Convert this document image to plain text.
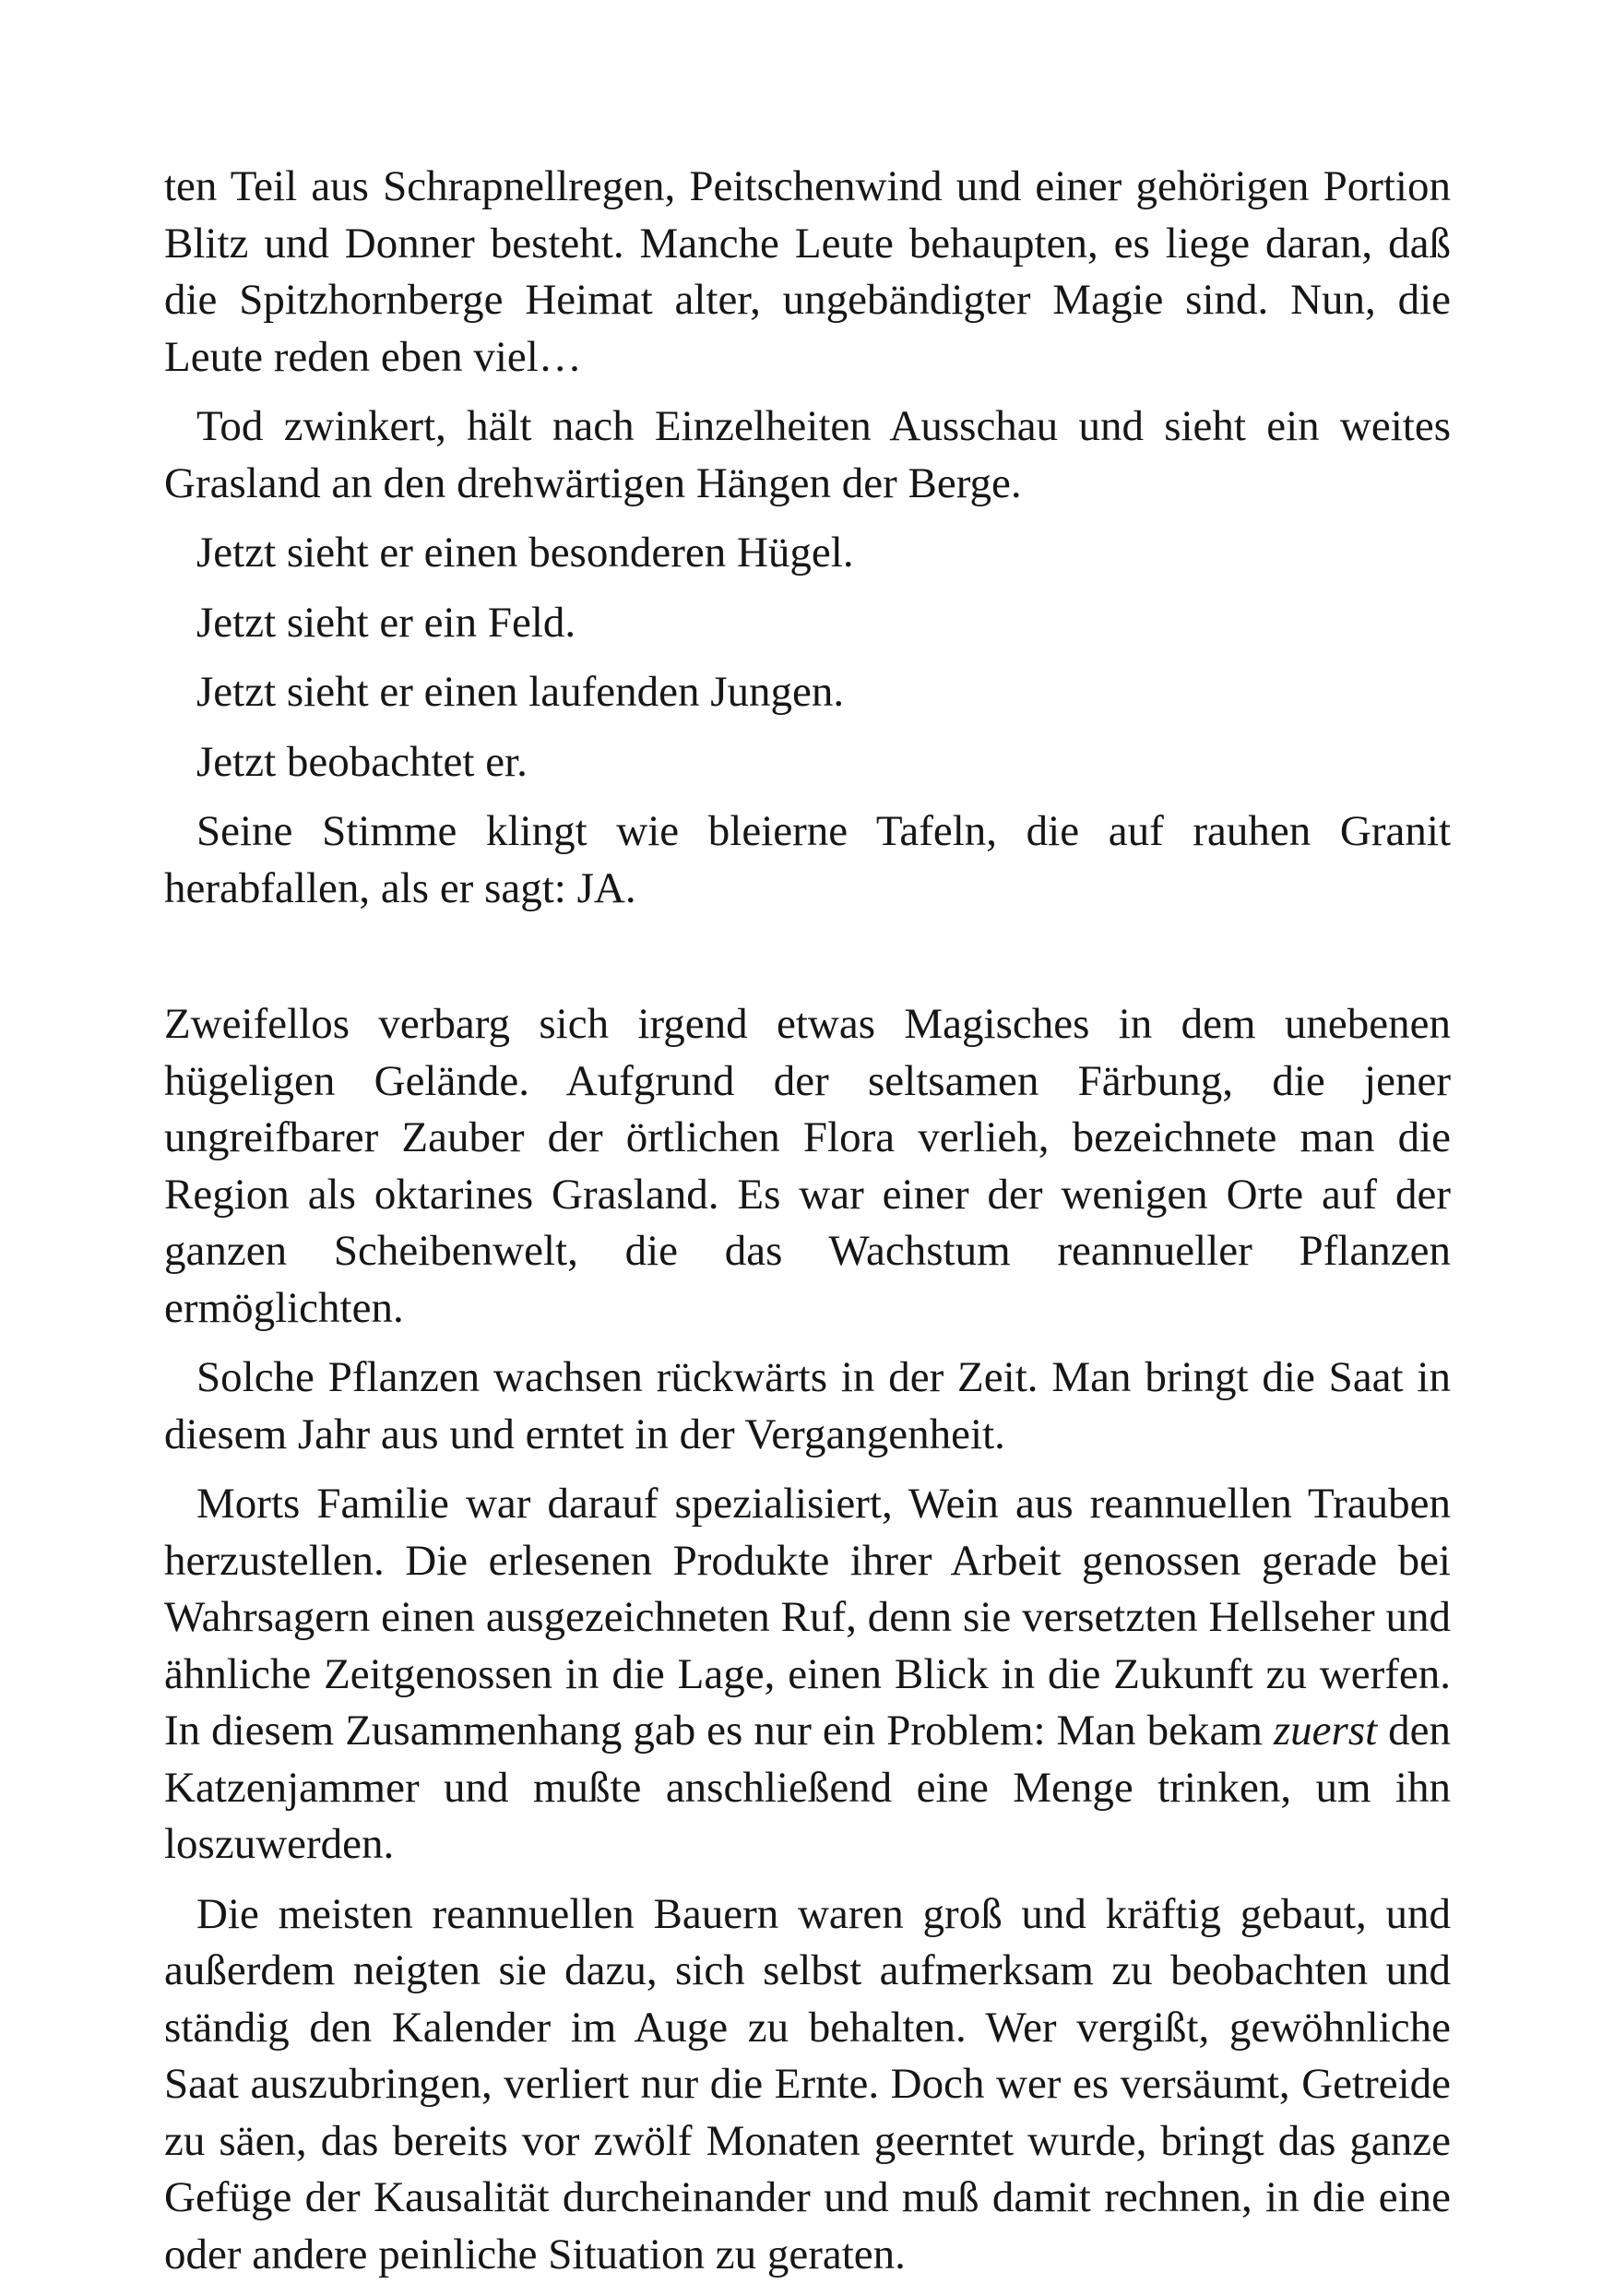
ten Teil aus Schrapnellregen, Peitschenwind und einer gehörigen Portion Blitz und Donner besteht. Manche Leute behaupten, es liege daran, daß die Spitzhornberge Heimat alter, ungebändigter Magie sind. Nun, die Leute reden eben viel…

Tod zwinkert, hält nach Einzelheiten Ausschau und sieht ein weites Grasland an den drehwärtigen Hängen der Berge.

Jetzt sieht er einen besonderen Hügel.

Jetzt sieht er ein Feld.

Jetzt sieht er einen laufenden Jungen.

Jetzt beobachtet er.

Seine Stimme klingt wie bleierne Tafeln, die auf rauhen Granit herabfallen, als er sagt: JA.

Zweifellos verbarg sich irgend etwas Magisches in dem unebenen hügeligen Gelände. Aufgrund der seltsamen Färbung, die jener ungreifbarer Zauber der örtlichen Flora verlieh, bezeichnete man die Region als oktarines Grasland. Es war einer der wenigen Orte auf der ganzen Scheibenwelt, die das Wachstum reannueller Pflanzen ermöglichten.

Solche Pflanzen wachsen rückwärts in der Zeit. Man bringt die Saat in diesem Jahr aus und erntet in der Vergangenheit.

Morts Familie war darauf spezialisiert, Wein aus reannuellen Trauben herzustellen. Die erlesenen Produkte ihrer Arbeit genossen gerade bei Wahrsagern einen ausgezeichneten Ruf, denn sie versetzten Hellseher und ähnliche Zeitgenossen in die Lage, einen Blick in die Zukunft zu werfen. In diesem Zusammenhang gab es nur ein Problem: Man bekam zuerst den Katzenjammer und mußte anschließend eine Menge trinken, um ihn loszuwerden.

Die meisten reannuellen Bauern waren groß und kräftig gebaut, und außerdem neigten sie dazu, sich selbst aufmerksam zu beobachten und ständig den Kalender im Auge zu behalten. Wer vergißt, gewöhnliche Saat auszubringen, verliert nur die Ernte. Doch wer es versäumt, Getreide zu säen, das bereits vor zwölf Monaten geerntet wurde, bringt das ganze Gefüge der Kausalität durcheinander und muß damit rechnen, in die eine oder andere peinliche Situation zu geraten.
